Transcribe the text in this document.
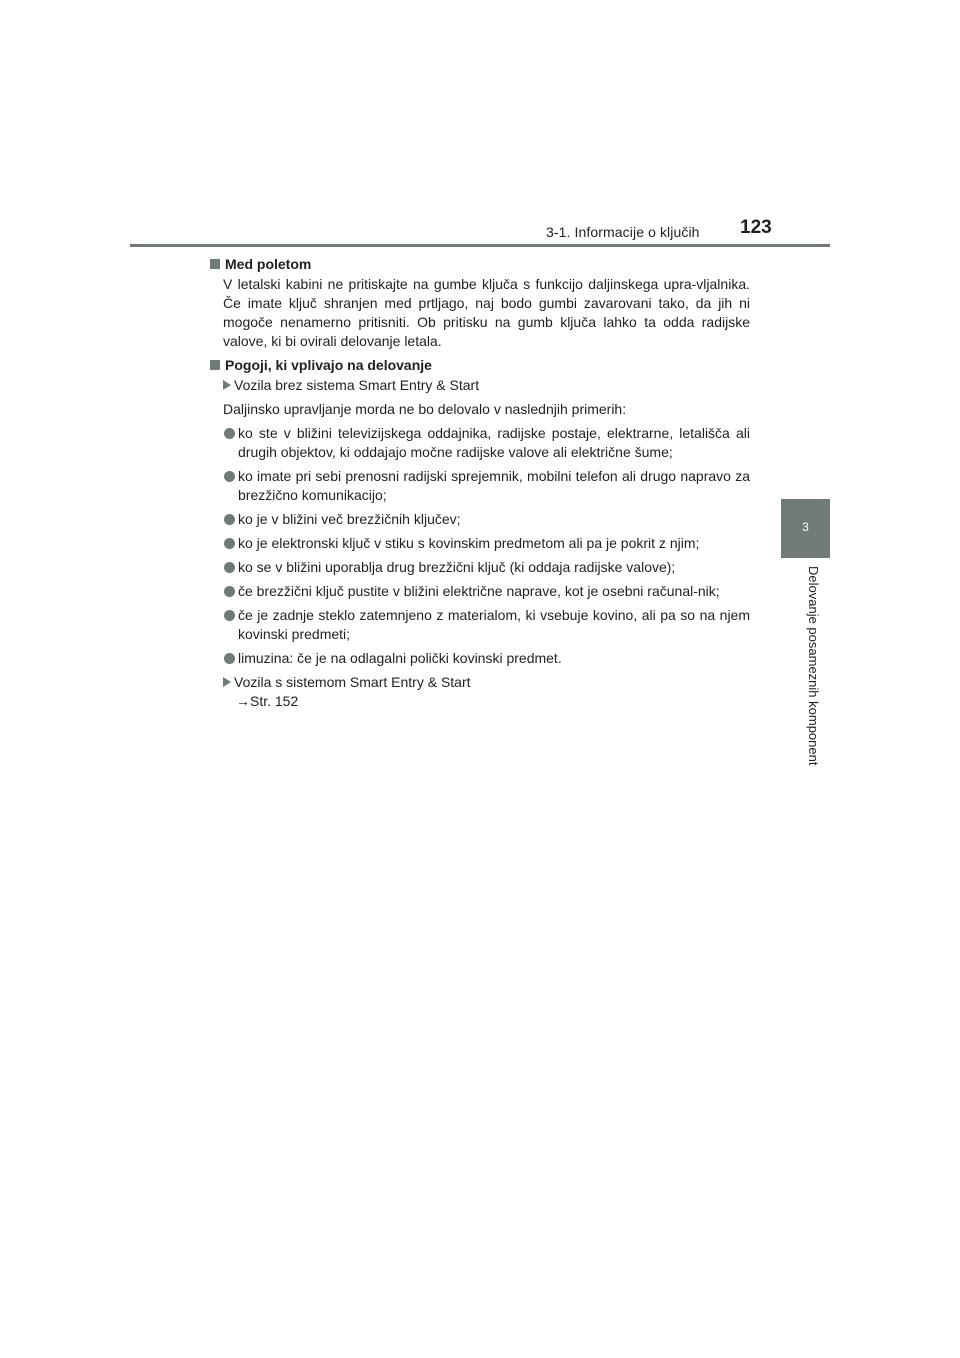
3-1. Informacije o ključih 123
3
Delovanje posameznih komponent
Med poletom
V letalski kabini ne pritiskajte na gumbe ključa s funkcijo daljinskega upra-vljalnika. Če imate ključ shranjen med prtljago, naj bodo gumbi zavarovani tako, da jih ni mogoče nenamerno pritisniti. Ob pritisku na gumb ključa lahko ta odda radijske valove, ki bi ovirali delovanje letala.
Pogoji, ki vplivajo na delovanje
Vozila brez sistema Smart Entry & Start
Daljinsko upravljanje morda ne bo delovalo v naslednjih primerih:
ko ste v bližini televizijskega oddajnika, radijske postaje, elektrarne, letališča ali drugih objektov, ki oddajajo močne radijske valove ali električne šume;
ko imate pri sebi prenosni radijski sprejemnik, mobilni telefon ali drugo napravo za brezžično komunikacijo;
ko je v bližini več brezžičnih ključev;
ko je elektronski ključ v stiku s kovinskim predmetom ali pa je pokrit z njim;
ko se v bližini uporablja drug brezžični ključ (ki oddaja radijske valove);
če brezžični ključ pustite v bližini električne naprave, kot je osebni računal-nik;
če je zadnje steklo zatemnjeno z materialom, ki vsebuje kovino, ali pa so na njem kovinski predmeti;
limuzina: če je na odlagalni polički kovinski predmet.
Vozila s sistemom Smart Entry & Start
→Str. 152
